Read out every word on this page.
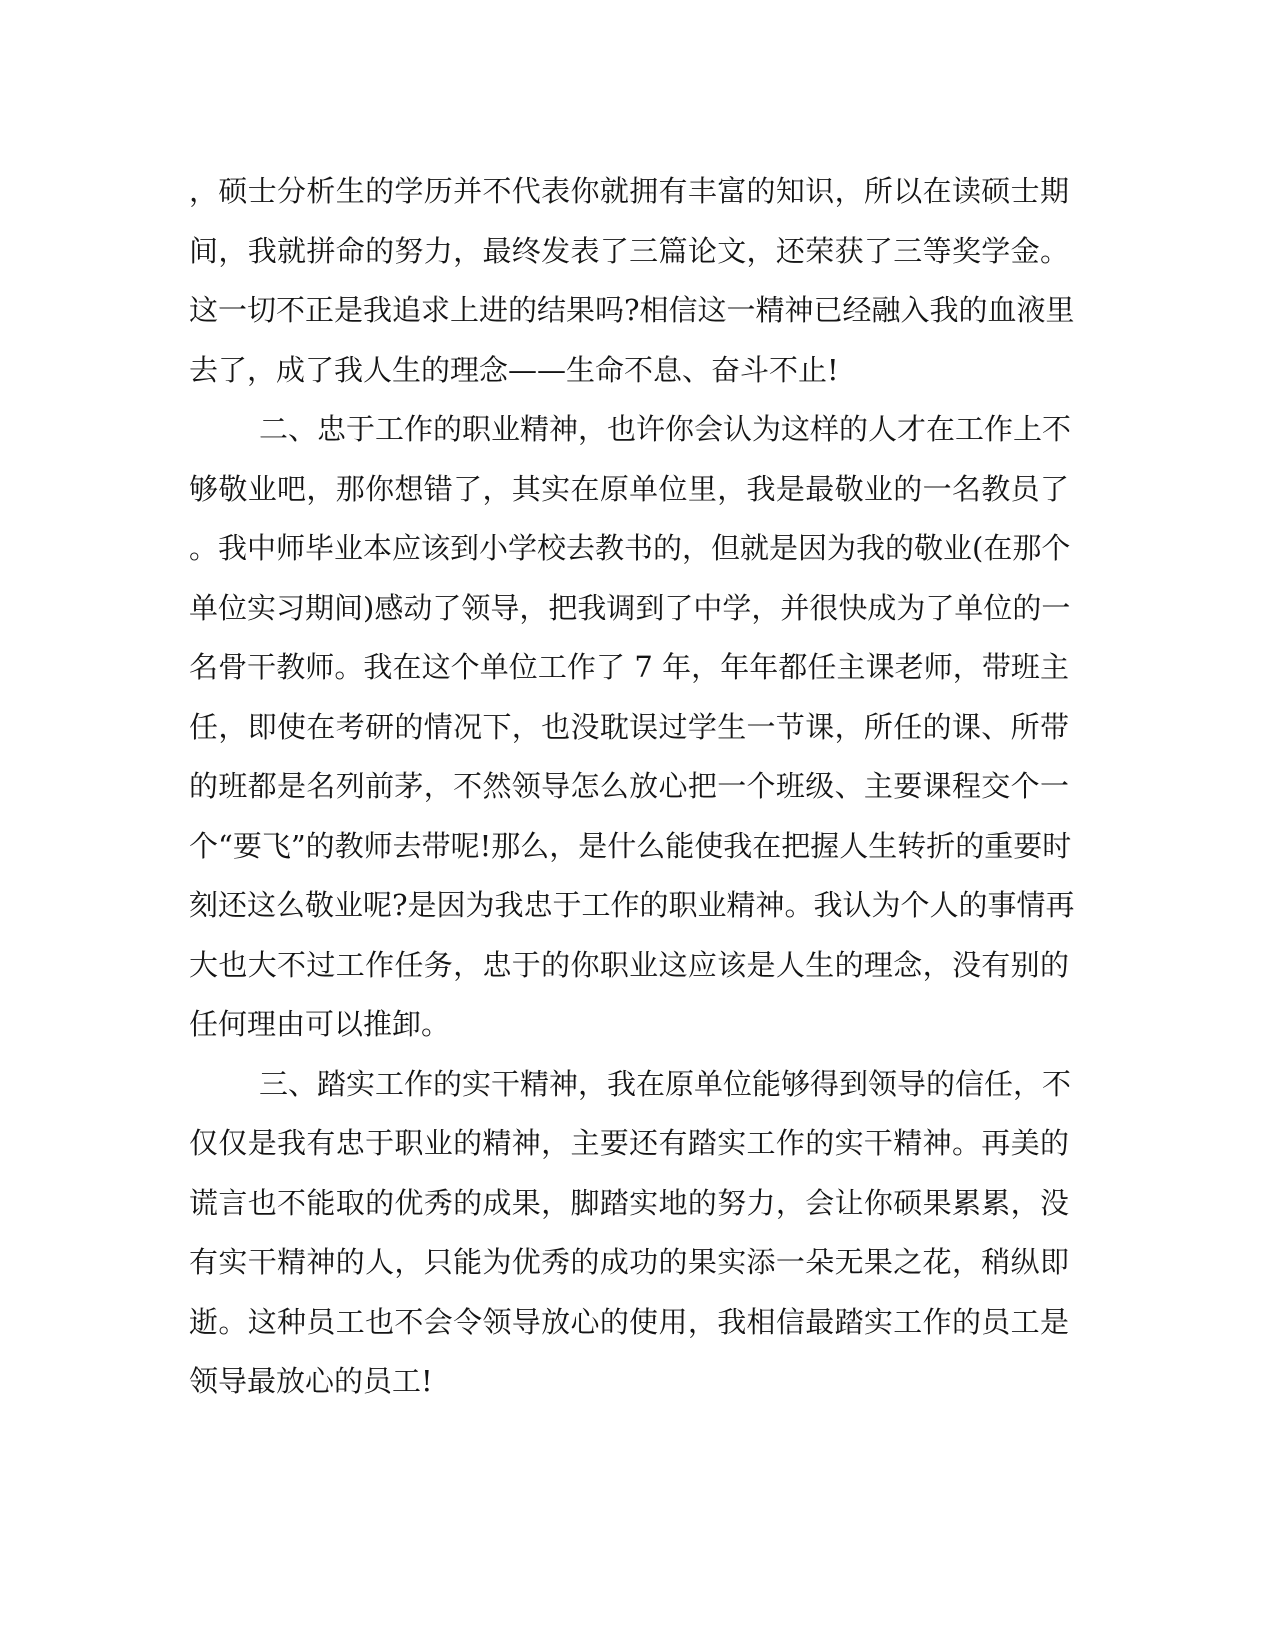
，硕士分析生的学历并不代表你就拥有丰富的知识，所以在读硕士期
间，我就拼命的努力，最终发表了三篇论文，还荣获了三等奖学金。
这一切不正是我追求上进的结果吗?相信这一精神已经融入我的血液里
去了，成了我人生的理念——生命不息、奋斗不止!
二、忠于工作的职业精神，也许你会认为这样的人才在工作上不
够敬业吧，那你想错了，其实在原单位里，我是最敬业的一名教员了
。我中师毕业本应该到小学校去教书的，但就是因为我的敬业(在那个
单位实习期间)感动了领导，把我调到了中学，并很快成为了单位的一
名骨干教师。我在这个单位工作了 7 年，年年都任主课老师，带班主
任，即使在考研的情况下，也没耽误过学生一节课，所任的课、所带
的班都是名列前茅，不然领导怎么放心把一个班级、主要课程交个一
个“要飞”的教师去带呢!那么，是什么能使我在把握人生转折的重要时
刻还这么敬业呢?是因为我忠于工作的职业精神。我认为个人的事情再
大也大不过工作任务，忠于的你职业这应该是人生的理念，没有别的
任何理由可以推卸。
三、踏实工作的实干精神，我在原单位能够得到领导的信任，不
仅仅是我有忠于职业的精神，主要还有踏实工作的实干精神。再美的
谎言也不能取的优秀的成果，脚踏实地的努力，会让你硕果累累，没
有实干精神的人，只能为优秀的成功的果实添一朵无果之花，稍纵即
逝。这种员工也不会令领导放心的使用，我相信最踏实工作的员工是
领导最放心的员工!
